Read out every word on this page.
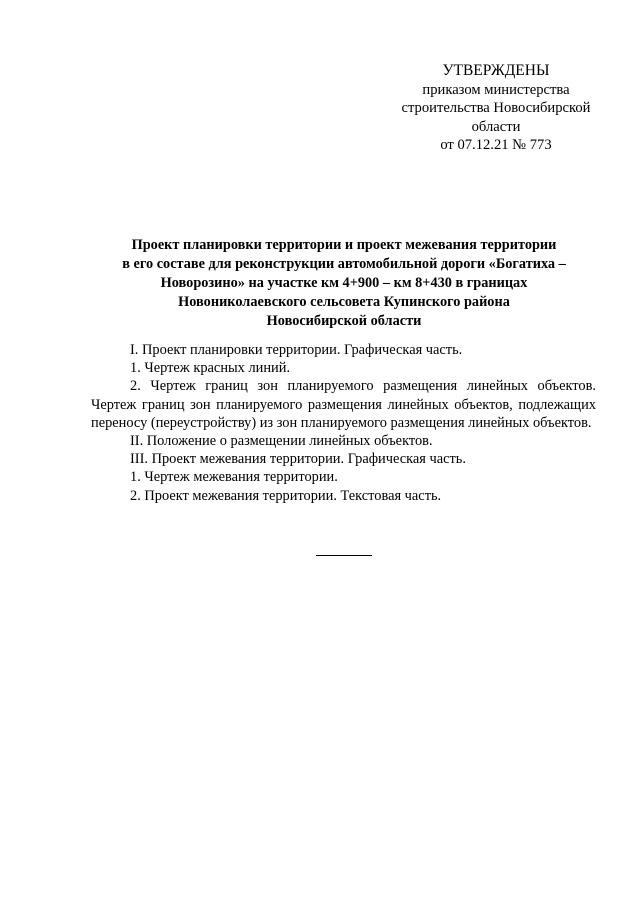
УТВЕРЖДЕНЫ
приказом министерства
строительства Новосибирской
области
от 07.12.21 № 773
Проект планировки территории и проект межевания территории
в его составе для реконструкции автомобильной дороги «Богатиха –
Новорозино» на участке км 4+900 – км 8+430 в границах
Новониколаевского сельсовета Купинского района
Новосибирской области

I. Проект планировки территории. Графическая часть.

1. Чертеж красных линий.

2. Чертеж границ зон планируемого размещения линейных объектов. Чертеж границ зон планируемого размещения линейных объектов, подлежащих переносу (переустройству) из зон планируемого размещения линейных объектов.

II. Положение о размещении линейных объектов.

III. Проект межевания территории. Графическая часть.

1. Чертеж межевания территории.

2. Проект межевания территории. Текстовая часть.
